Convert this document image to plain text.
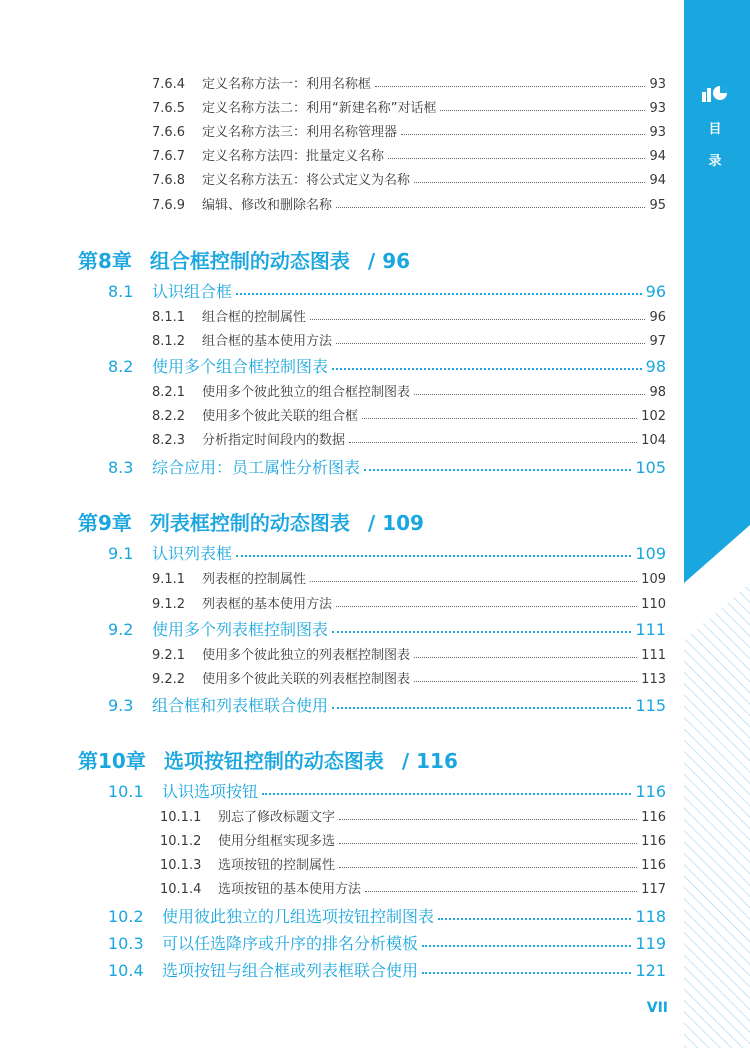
目
录
7.6.4	定义名称方法一：利用名称框	93
7.6.5	定义名称方法二：利用“新建名称”对话框	93
7.6.6	定义名称方法三：利用名称管理器	93
7.6.7	定义名称方法四：批量定义名称	94
7.6.8	定义名称方法五：将公式定义为名称	94
7.6.9	编辑、修改和删除名称	95
第8章 组合框控制的动态图表 / 96
8.1	认识组合框	96
8.1.1	组合框的控制属性	96
8.1.2	组合框的基本使用方法	97
8.2	使用多个组合框控制图表	98
8.2.1	使用多个彼此独立的组合框控制图表	98
8.2.2	使用多个彼此关联的组合框	102
8.2.3	分析指定时间段内的数据	104
8.3	综合应用：员工属性分析图表	105
第9章 列表框控制的动态图表 / 109
9.1	认识列表框	109
9.1.1	列表框的控制属性	109
9.1.2	列表框的基本使用方法	110
9.2	使用多个列表框控制图表	111
9.2.1	使用多个彼此独立的列表框控制图表	111
9.2.2	使用多个彼此关联的列表框控制图表	113
9.3	组合框和列表框联合使用	115
第10章 选项按钮控制的动态图表 / 116
10.1	认识选项按钮	116
10.1.1	别忘了修改标题文字	116
10.1.2	使用分组框实现多选	116
10.1.3	选项按钮的控制属性	116
10.1.4	选项按钮的基本使用方法	117
10.2	使用彼此独立的几组选项按钮控制图表	118
10.3	可以任选降序或升序的排名分析模板	119
10.4	选项按钮与组合框或列表框联合使用	121
VII
